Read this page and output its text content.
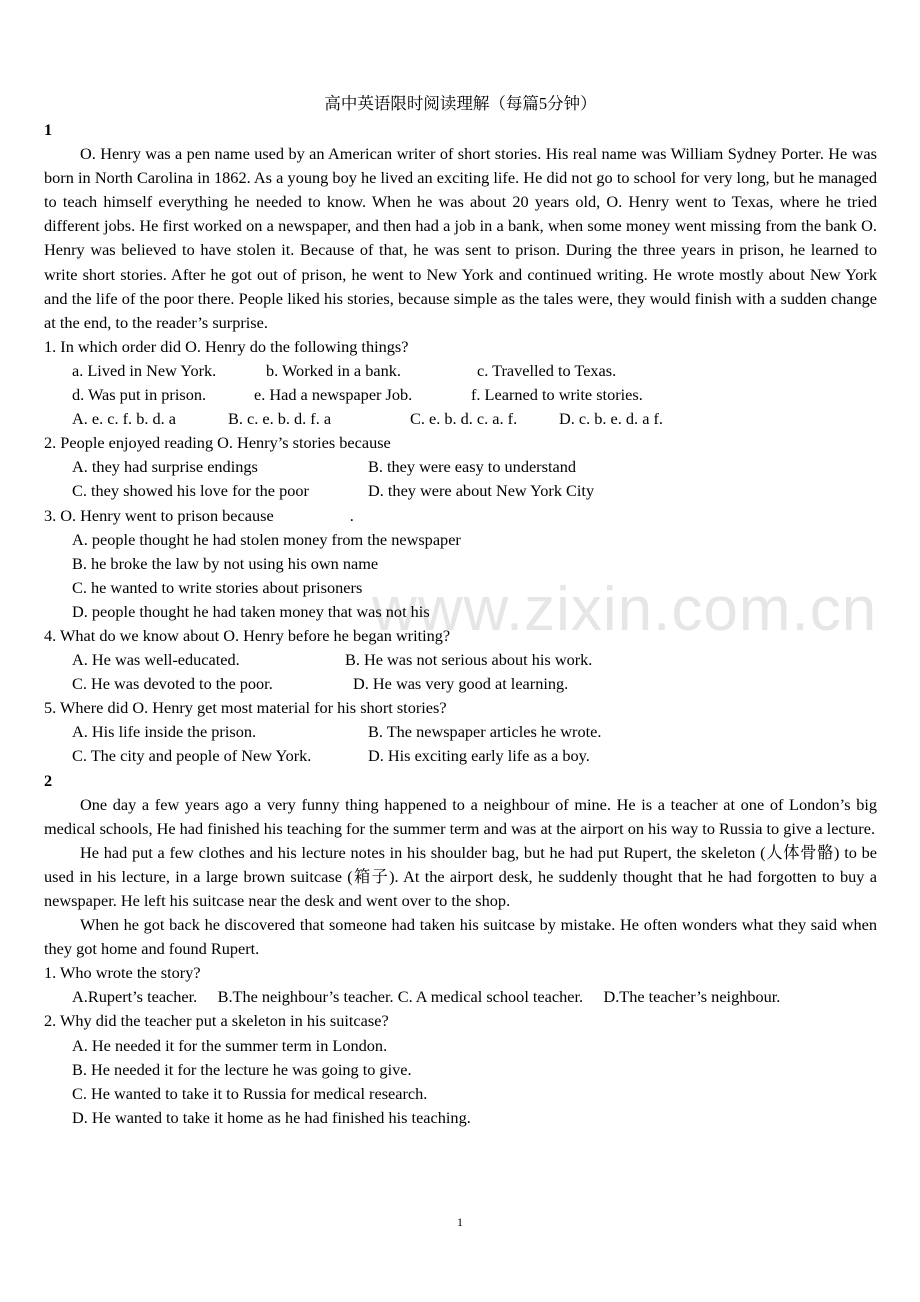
www.zixin.com.cn
高中英语限时阅读理解（每篇5分钟）
1

O. Henry was a pen name used by an American writer of short stories. His real name was William Sydney Porter. He was born in North Carolina in 1862. As a young boy he lived an exciting life. He did not go to school for very long, but he managed to teach himself everything he needed to know. When he was about 20 years old, O. Henry went to Texas, where he tried different jobs. He first worked on a newspaper, and then had a job in a bank, when some money went missing from the bank O. Henry was believed to have stolen it. Because of that, he was sent to prison. During the three years in prison, he learned to write short stories. After he got out of prison, he went to New York and continued writing. He wrote mostly about New York and the life of the poor there. People liked his stories, because simple as the tales were, they would finish with a sudden change at the end, to the reader’s surprise.

1. In which order did O. Henry do the following things?

a. Lived in New York.	b. Worked in a bank.	c. Travelled to Texas.
d. Was put in prison.	e. Had a newspaper Job.	f. Learned to write stories.
A. e. c. f. b. d. a	B. c. e. b. d. f. a	C. e. b. d. c. a. f.	D. c. b. e. d. a f.

2. People enjoyed reading O. Henry’s stories because

A. they had surprise endings	B. they were easy to understand
C. they showed his love for the poor	D. they were about New York City

3. O. Henry went to prison because	.

A. people thought he had stolen money from the newspaper

B. he broke the law by not using his own name

C. he wanted to write stories about prisoners

D. people thought he had taken money that was not his

4. What do we know about O. Henry before he began writing?

A. He was well-educated.	B. He was not serious about his work.
C. He was devoted to the poor.	D. He was very good at learning.

5. Where did O. Henry get most material for his short stories?

A. His life inside the prison.	B. The newspaper articles he wrote.
C. The city and people of New York.	D. His exciting early life as a boy.
2

One day a few years ago a very funny thing happened to a neighbour of mine. He is a teacher at one of London’s big medical schools, He had finished his teaching for the summer term and was at the airport on his way to Russia to give a lecture.

He had put a few clothes and his lecture notes in his shoulder bag, but he had put Rupert, the skeleton (人体骨骼) to be used in his lecture, in a large brown suitcase (箱子). At the airport desk, he suddenly thought that he had forgotten to buy a newspaper. He left his suitcase near the desk and went over to the shop.

When he got back he discovered that someone had taken his suitcase by mistake. He often wonders what they said when they got home and found Rupert.

1. Who wrote the story?

A.Rupert’s teacher. B.The neighbour’s teacher. C. A medical school teacher. D.The teacher’s neighbour.

2. Why did the teacher put a skeleton in his suitcase?

A. He needed it for the summer term in London.

B. He needed it for the lecture he was going to give.

C. He wanted to take it to Russia for medical research.

D. He wanted to take it home as he had finished his teaching.

1
